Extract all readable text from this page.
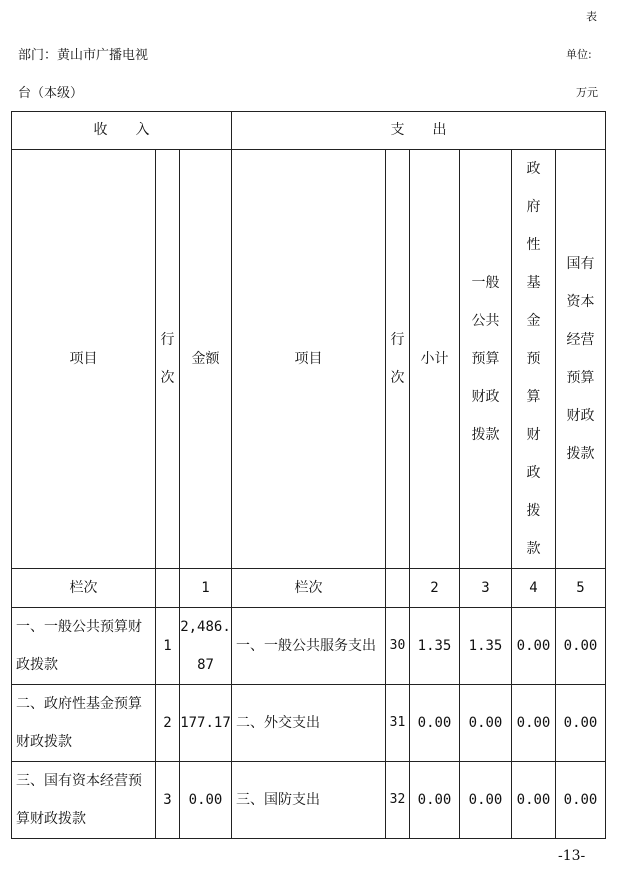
表
部门：黄山市广播电视	单位:
台（本级）	万元
收　　入			支　　出					
项目	行次	金额	项目	行次	小计	一般公共预算财政拨款	政府性基金预算财政拨款	国有资本经营预算财政拨款
栏次		1	栏次		2	3	4	5
一、一般公共预算财政拨款	1	2,486.87	一、一般公共服务支出	30	1.35	1.35	0.00	0.00
二、政府性基金预算财政拨款	2	177.17	二、外交支出	31	0.00	0.00	0.00	0.00
三、国有资本经营预算财政拨款	3	0.00	三、国防支出	32	0.00	0.00	0.00	0.00
-13-
